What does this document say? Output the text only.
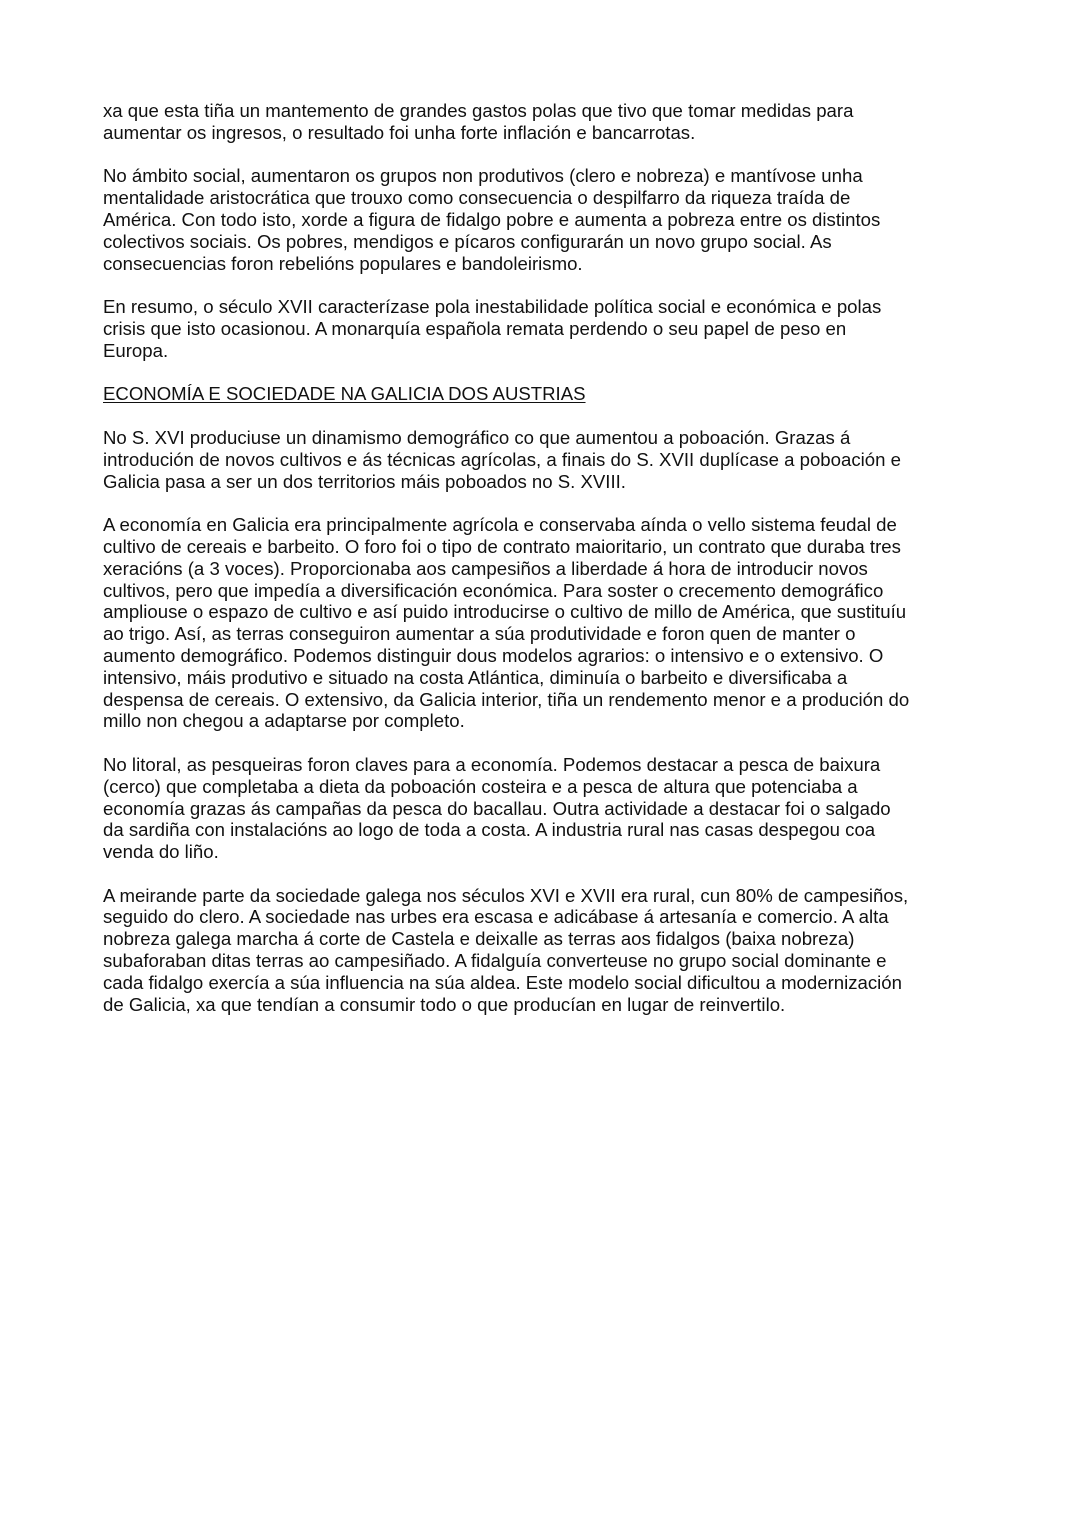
xa que esta tiña un mantemento de grandes gastos polas que tivo que tomar medidas para
aumentar os ingresos, o resultado foi unha forte inflación e bancarrotas.

No ámbito social, aumentaron os grupos non produtivos (clero e nobreza) e mantívose unha
mentalidade aristocrática que trouxo como consecuencia o despilfarro da riqueza traída de
América. Con todo isto, xorde a figura de fidalgo pobre e aumenta a pobreza entre os distintos
colectivos sociais. Os pobres, mendigos e pícaros configurarán un novo grupo social. As
consecuencias foron rebelións populares e bandoleirismo.

En resumo, o século XVII caracterízase pola inestabilidade política social e económica e polas
crisis que isto ocasionou. A monarquía española remata perdendo o seu papel de peso en
Europa.

ECONOMÍA E SOCIEDADE NA GALICIA DOS AUSTRIAS

No S. XVI produciuse un dinamismo demográfico co que aumentou a poboación. Grazas á
introdución de novos cultivos e ás técnicas agrícolas, a finais do S. XVII duplícase a poboación e
Galicia pasa a ser un dos territorios máis poboados no S. XVIII.

A economía en Galicia era principalmente agrícola e conservaba aínda o vello sistema feudal de
cultivo de cereais e barbeito. O foro foi o tipo de contrato maioritario, un contrato que duraba tres
xeracións (a 3 voces). Proporcionaba aos campesiños a liberdade á hora de introducir novos
cultivos, pero que impedía a diversificación económica. Para soster o crecemento demográfico
ampliouse o espazo de cultivo e así puido introducirse o cultivo de millo de América, que sustituíu
ao trigo. Así, as terras conseguiron aumentar a súa produtividade e foron quen de manter o
aumento demográfico. Podemos distinguir dous modelos agrarios: o intensivo e o extensivo. O
intensivo, máis produtivo e situado na costa Atlántica, diminuía o barbeito e diversificaba a
despensa de cereais. O extensivo, da Galicia interior, tiña un rendemento menor e a produción do
millo non chegou a adaptarse por completo.

No litoral, as pesqueiras foron claves para a economía. Podemos destacar a pesca de baixura
(cerco) que completaba a dieta da poboación costeira e a pesca de altura que potenciaba a
economía grazas ás campañas da pesca do bacallau. Outra actividade a destacar foi o salgado
da sardiña con instalacións ao logo de toda a costa. A industria rural nas casas despegou coa
venda do liño.

A meirande parte da sociedade galega nos séculos XVI e XVII era rural, cun 80% de campesiños,
seguido do clero. A sociedade nas urbes era escasa e adicábase á artesanía e comercio. A alta
nobreza galega marcha á corte de Castela e deixalle as terras aos fidalgos (baixa nobreza)
subaforaban ditas terras ao campesiñado. A fidalguía converteuse no grupo social dominante e
cada fidalgo exercía a súa influencia na súa aldea. Este modelo social dificultou a modernización
de Galicia, xa que tendían a consumir todo o que producían en lugar de reinvertilo.
